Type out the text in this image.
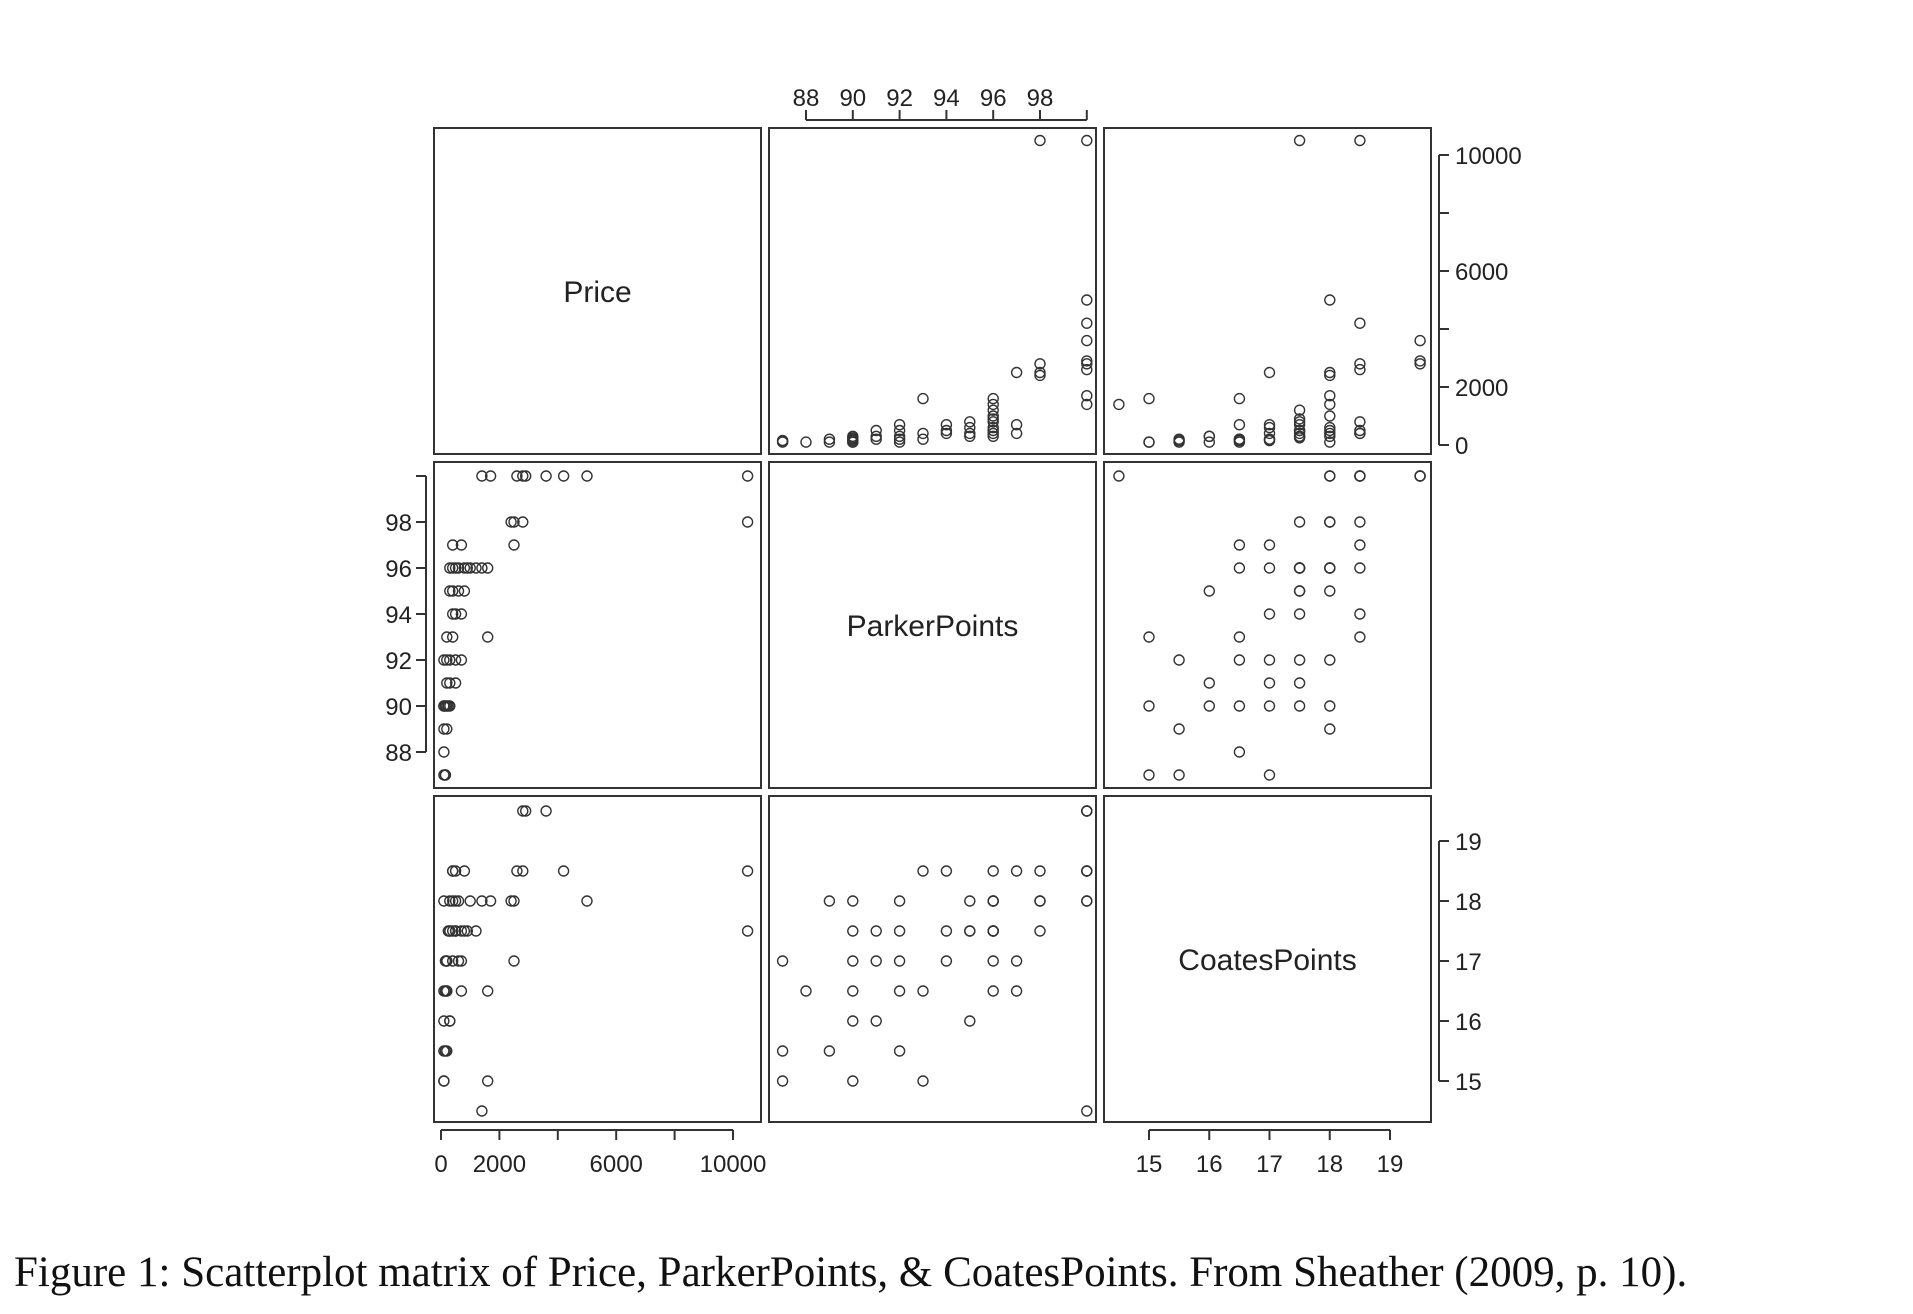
Price
ParkerPoints
CoatesPoints
0 2000	6000 10000
0
2000
6000
10000
88 90 92 94 96 98
88
90
92
94
96
98
15 16 17 18 19
15
16
17
18
19
Figure 1: Scatterplot matrix of Price, ParkerPoints, & CoatesPoints. From Sheather (2009, p. 10).
